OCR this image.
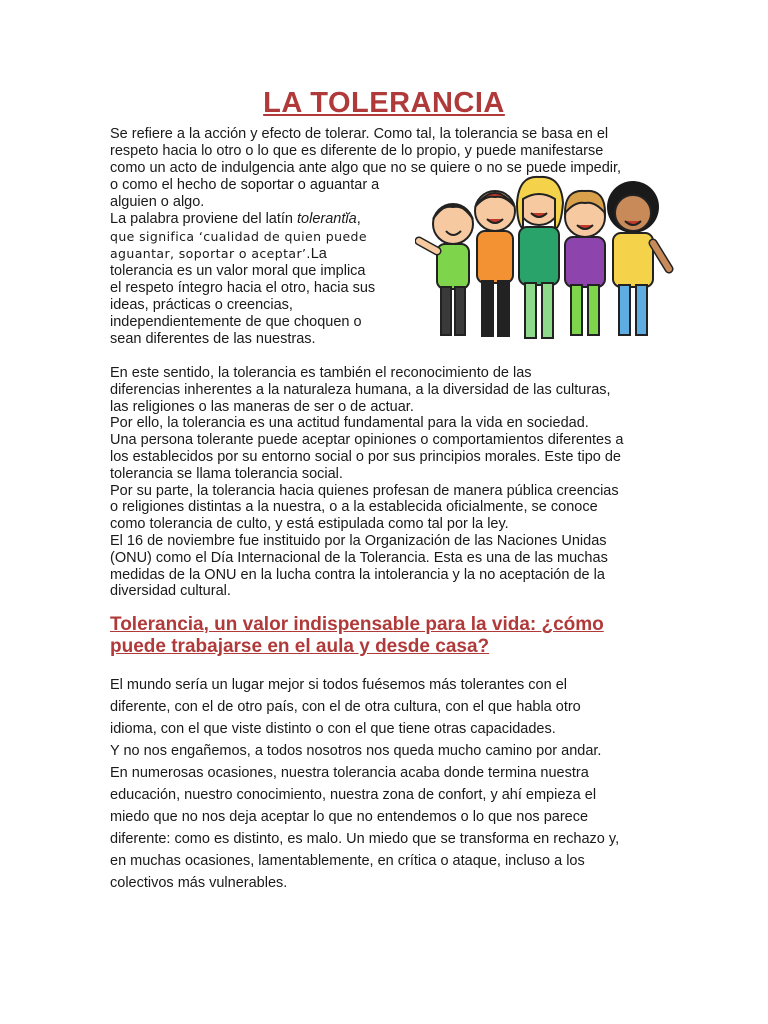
LA TOLERANCIA
Se refiere a la acción y efecto de tolerar. Como tal, la tolerancia se basa en el
respeto hacia lo otro o lo que es diferente de lo propio, y puede manifestarse
como un acto de indulgencia ante algo que no se quiere o no se puede impedir,
o como el hecho de soportar o aguantar a
alguien o algo.
La palabra proviene del latín tolerantĭa,
que significa ‘cualidad de quien puede
aguantar, soportar o aceptar’.La
tolerancia es un valor moral que implica
el respeto íntegro hacia el otro, hacia sus
ideas, prácticas o creencias,
independientemente de que choquen o
sean diferentes de las nuestras.
En este sentido, la tolerancia es también el reconocimiento de las
diferencias inherentes a la naturaleza humana, a la diversidad de las culturas,
las religiones o las maneras de ser o de actuar.
Por ello, la tolerancia es una actitud fundamental para la vida en sociedad.
Una persona tolerante puede aceptar opiniones o comportamientos diferentes a
los establecidos por su entorno social o por sus principios morales. Este tipo de
tolerancia se llama tolerancia social.
Por su parte, la tolerancia hacia quienes profesan de manera pública creencias
o religiones distintas a la nuestra, o a la establecida oficialmente, se conoce
como tolerancia de culto, y está estipulada como tal por la ley.
El 16 de noviembre fue instituido por la Organización de las Naciones Unidas
(ONU) como el Día Internacional de la Tolerancia. Esta es una de las muchas
medidas de la ONU en la lucha contra la intolerancia y la no aceptación de la
diversidad cultural.
Tolerancia, un valor indispensable para la vida: ¿cómo
puede trabajarse en el aula y desde casa?
El mundo sería un lugar mejor si todos fuésemos más tolerantes con el
diferente, con el de otro país, con el de otra cultura, con el que habla otro
idioma, con el que viste distinto o con el que tiene otras capacidades.
Y no nos engañemos, a todos nosotros nos queda mucho camino por andar.
En numerosas ocasiones, nuestra tolerancia acaba donde termina nuestra
educación, nuestro conocimiento, nuestra zona de confort, y ahí empieza el
miedo que no nos deja aceptar lo que no entendemos o lo que nos parece
diferente: como es distinto, es malo. Un miedo que se transforma en rechazo y,
en muchas ocasiones, lamentablemente, en crítica o ataque, incluso a los
colectivos más vulnerables.
